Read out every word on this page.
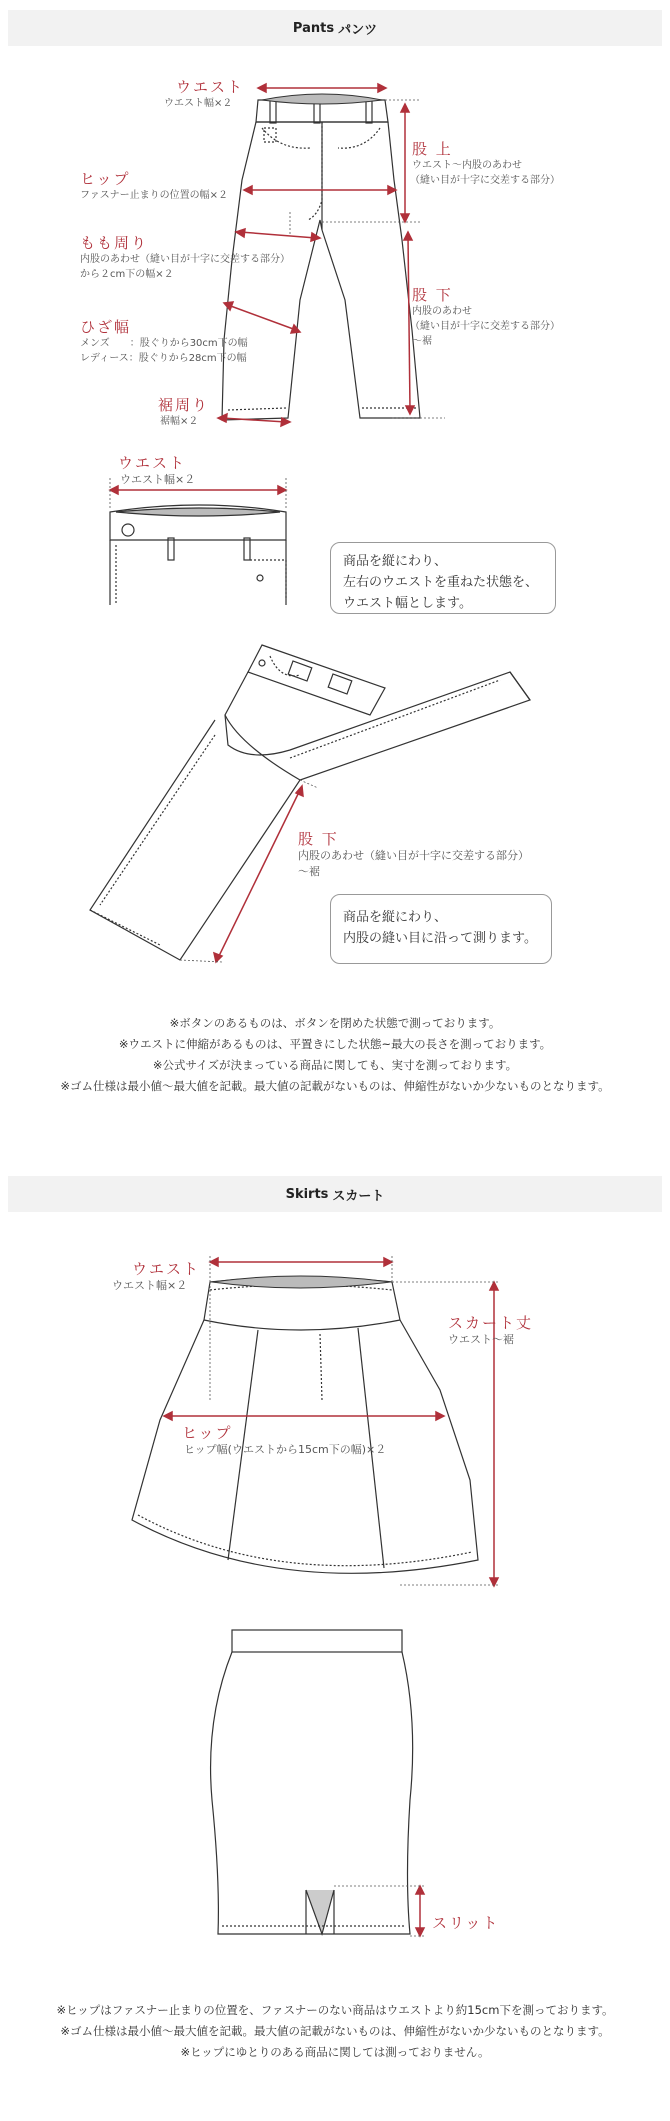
Pants パンツ
ウエスト
ウエスト幅×２
ヒップ
ファスナー止まりの位置の幅×２
もも周り
内股のあわせ（縫い目が十字に交差する部分）
から２cm下の幅×２
ひざ幅
メンズ　　：股ぐりから30cm下の幅
レディース：股ぐりから28cm下の幅
裾周り
裾幅×２
股 上
ウエスト〜内股のあわせ
（縫い目が十字に交差する部分）
股 下
内股のあわせ
（縫い目が十字に交差する部分）
〜裾
ウエスト
ウエスト幅×２
商品を縦にわり、
左右のウエストを重ねた状態を、
ウエスト幅とします。
股 下
内股のあわせ（縫い目が十字に交差する部分）
〜裾
商品を縦にわり、
内股の縫い目に沿って測ります。
※ボタンのあるものは、ボタンを閉めた状態で測っております。
※ウエストに伸縮があるものは、平置きにした状態~最大の長さを測っております。
※公式サイズが決まっている商品に関しても、実寸を測っております。
※ゴム仕様は最小値〜最大値を記載。最大値の記載がないものは、伸縮性がないか少ないものとなります。
Skirts スカート
ウエスト
ウエスト幅×２
スカート丈
ウエスト〜裾
ヒップ
ヒップ幅(ウエストから15cm下の幅)×２
スリット
※ヒップはファスナー止まりの位置を、ファスナーのない商品はウエストより約15cm下を測っております。
※ゴム仕様は最小値〜最大値を記載。最大値の記載がないものは、伸縮性がないか少ないものとなります。
※ヒップにゆとりのある商品に関しては測っておりません。
